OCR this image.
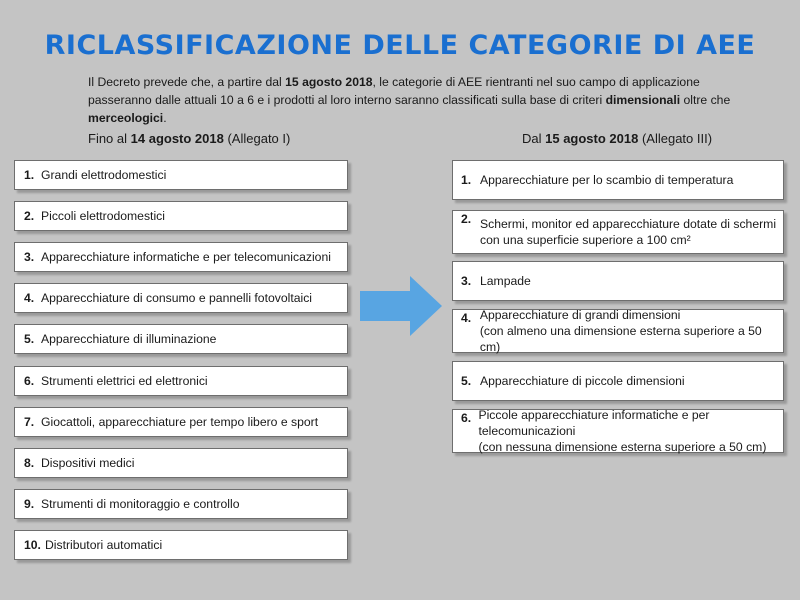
RICLASSIFICAZIONE DELLE CATEGORIE DI AEE

Il Decreto prevede che, a partire dal 15 agosto 2018, le categorie di AEE rientranti nel suo campo di applicazione passeranno dalle attuali 10 a 6 e i prodotti al loro interno saranno classificati sulla base di criteri dimensionali oltre che merceologici.

Fino al 14 agosto 2018 (Allegato I)	Dal 15 agosto 2018 (Allegato III)

1. Grandi elettrodomestici
2. Piccoli elettrodomestici
3. Apparecchiature informatiche e per telecomunicazioni
4. Apparecchiature di consumo e pannelli fotovoltaici
5. Apparecchiature di illuminazione
6. Strumenti elettrici ed elettronici
7. Giocattoli, apparecchiature per tempo libero e sport
8. Dispositivi medici
9. Strumenti di monitoraggio e controllo
10. Distributori automatici
1. Apparecchiature per lo scambio di temperatura
2. Schermi, monitor ed apparecchiature dotate di schermi
con una superficie superiore a 100 cm²
3. Lampade
4. Apparecchiature di grandi dimensioni
(con almeno una dimensione esterna superiore a 50 cm)
5. Apparecchiature di piccole dimensioni
6. Piccole apparecchiature informatiche e per telecomunicazioni
(con nessuna dimensione esterna superiore a 50 cm)
